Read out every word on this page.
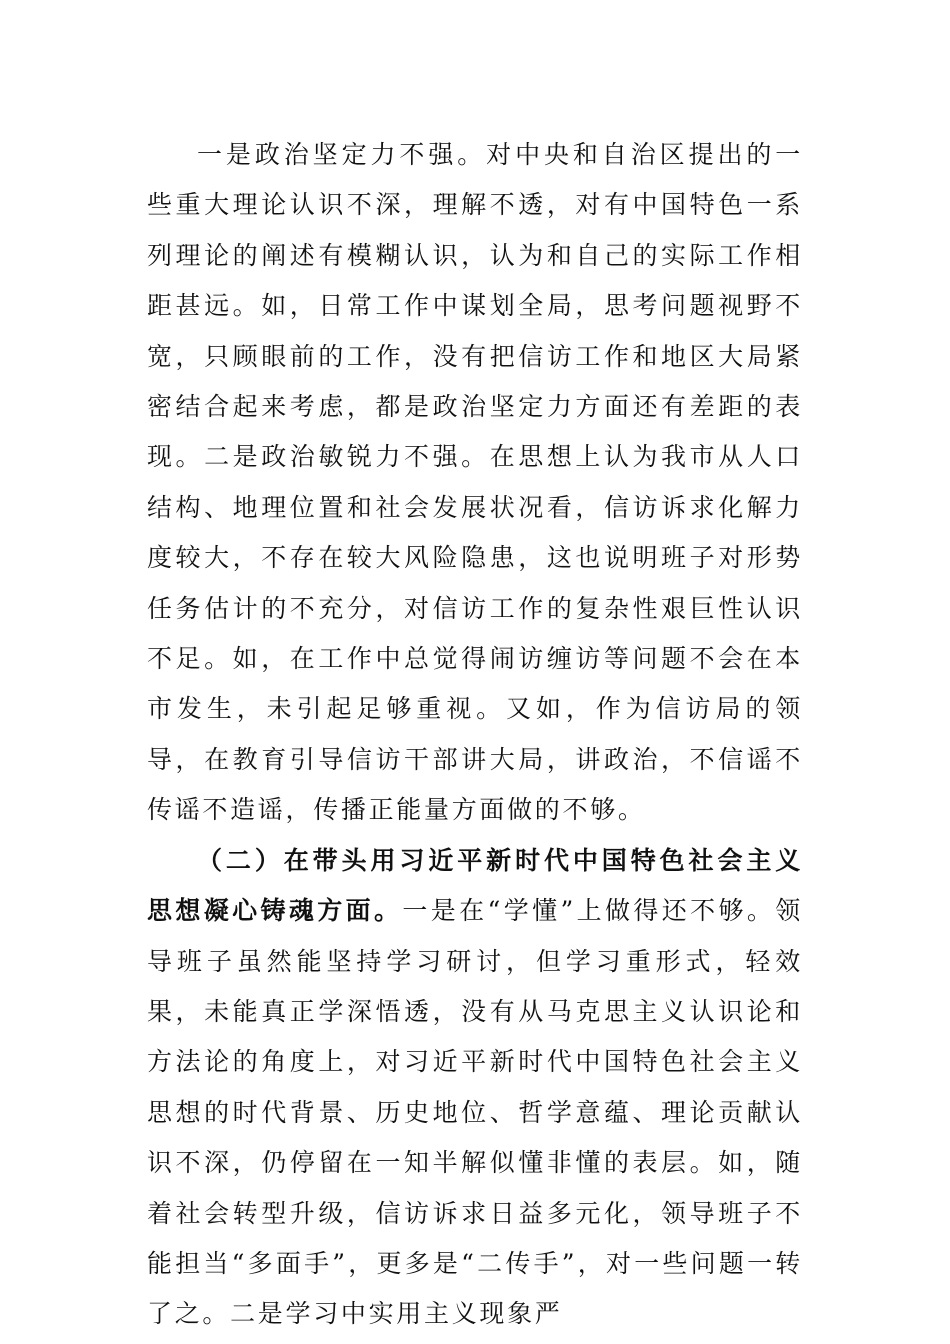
一是政治坚定力不强。对中央和自治区提出的一些重大理论认识不深，理解不透，对有中国特色一系列理论的阐述有模糊认识，认为和自己的实际工作相距甚远。如，日常工作中谋划全局，思考问题视野不宽，只顾眼前的工作，没有把信访工作和地区大局紧密结合起来考虑，都是政治坚定力方面还有差距的表现。二是政治敏锐力不强。在思想上认为我市从人口结构、地理位置和社会发展状况看，信访诉求化解力度较大，不存在较大风险隐患，这也说明班子对形势任务估计的不充分，对信访工作的复杂性艰巨性认识不足。如，在工作中总觉得闹访缠访等问题不会在本市发生，未引起足够重视。又如，作为信访局的领导，在教育引导信访干部讲大局，讲政治，不信谣不传谣不造谣，传播正能量方面做的不够。

（二）在带头用习近平新时代中国特色社会主义思想凝心铸魂方面。一是在“学懂”上做得还不够。领导班子虽然能坚持学习研讨，但学习重形式，轻效果，未能真正学深悟透，没有从马克思主义认识论和方法论的角度上，对习近平新时代中国特色社会主义思想的时代背景、历史地位、哲学意蕴、理论贡献认识不深，仍停留在一知半解似懂非懂的表层。如，随着社会转型升级，信访诉求日益多元化，领导班子不能担当“多面手”，更多是“二传手”，对一些问题一转了之。二是学习中实用主义现象严
